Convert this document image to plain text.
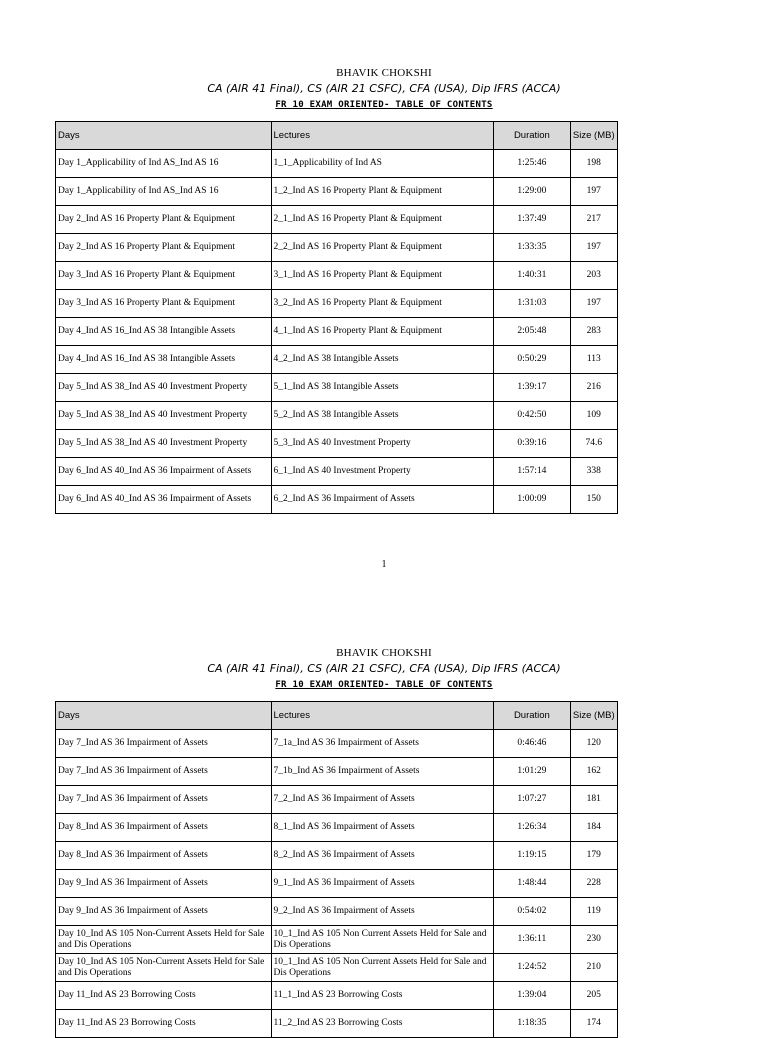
BHAVIK CHOKSHI
CA (AIR 41 Final), CS (AIR 21 CSFC), CFA (USA), Dip IFRS (ACCA)
FR 10 EXAM ORIENTED- TABLE OF CONTENTS
Days	Lectures	Duration	Size (MB)
Day 1_Applicability of Ind AS_Ind AS 16	1_1_Applicability of Ind AS	1:25:46	198
Day 1_Applicability of Ind AS_Ind AS 16	1_2_Ind AS 16 Property Plant & Equipment	1:29:00	197
Day 2_Ind AS 16 Property Plant & Equipment	2_1_Ind AS 16 Property Plant & Equipment	1:37:49	217
Day 2_Ind AS 16 Property Plant & Equipment	2_2_Ind AS 16 Property Plant & Equipment	1:33:35	197
Day 3_Ind AS 16 Property Plant & Equipment	3_1_Ind AS 16 Property Plant & Equipment	1:40:31	203
Day 3_Ind AS 16 Property Plant & Equipment	3_2_Ind AS 16 Property Plant & Equipment	1:31:03	197
Day 4_Ind AS 16_Ind AS 38 Intangible Assets	4_1_Ind AS 16 Property Plant & Equipment	2:05:48	283
Day 4_Ind AS 16_Ind AS 38 Intangible Assets	4_2_Ind AS 38 Intangible Assets	0:50:29	113
Day 5_Ind AS 38_Ind AS 40 Investment Property	5_1_Ind AS 38 Intangible Assets	1:39:17	216
Day 5_Ind AS 38_Ind AS 40 Investment Property	5_2_Ind AS 38 Intangible Assets	0:42:50	109
Day 5_Ind AS 38_Ind AS 40 Investment Property	5_3_Ind AS 40 Investment Property	0:39:16	74.6
Day 6_Ind AS 40_Ind AS 36 Impairment of Assets	6_1_Ind AS 40 Investment Property	1:57:14	338
Day 6_Ind AS 40_Ind AS 36 Impairment of Assets	6_2_Ind AS 36 Impairment of Assets	1:00:09	150
1
BHAVIK CHOKSHI
CA (AIR 41 Final), CS (AIR 21 CSFC), CFA (USA), Dip IFRS (ACCA)
FR 10 EXAM ORIENTED- TABLE OF CONTENTS
Days	Lectures	Duration	Size (MB)
Day 7_Ind AS 36 Impairment of Assets	7_1a_Ind AS 36 Impairment of Assets	0:46:46	120
Day 7_Ind AS 36 Impairment of Assets	7_1b_Ind AS 36 Impairment of Assets	1:01:29	162
Day 7_Ind AS 36 Impairment of Assets	7_2_Ind AS 36 Impairment of Assets	1:07:27	181
Day 8_Ind AS 36 Impairment of Assets	8_1_Ind AS 36 Impairment of Assets	1:26:34	184
Day 8_Ind AS 36 Impairment of Assets	8_2_Ind AS 36 Impairment of Assets	1:19:15	179
Day 9_Ind AS 36 Impairment of Assets	9_1_Ind AS 36 Impairment of Assets	1:48:44	228
Day 9_Ind AS 36 Impairment of Assets	9_2_Ind AS 36 Impairment of Assets	0:54:02	119
Day 10_Ind AS 105 Non-Current Assets Held for Sale and Dis Operations	10_1_Ind AS 105 Non Current Assets Held for Sale and Dis Operations	1:36:11	230
Day 10_Ind AS 105 Non-Current Assets Held for Sale and Dis Operations	10_1_Ind AS 105 Non Current Assets Held for Sale and Dis Operations	1:24:52	210
Day 11_Ind AS 23 Borrowing Costs	11_1_Ind AS 23 Borrowing Costs	1:39:04	205
Day 11_Ind AS 23 Borrowing Costs	11_2_Ind AS 23 Borrowing Costs	1:18:35	174
